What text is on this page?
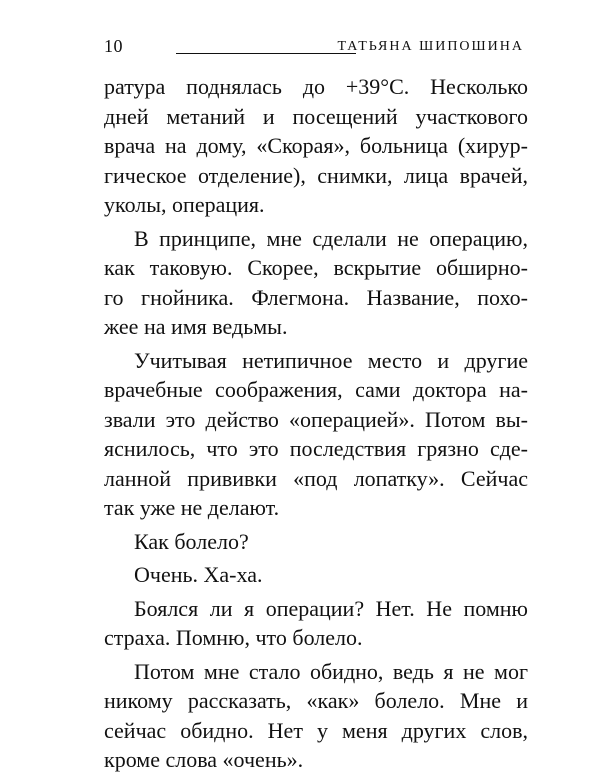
10	ТАТЬЯНА ШИПОШИНА
ратура поднялась до +39°С. Несколько
дней метаний и посещений участкового
врача на дому, «Скорая», больница (хирур-
гическое отделение), снимки, лица врачей,
уколы, операция.
В принципе, мне сделали не операцию,
как таковую. Скорее, вскрытие обширно-
го гнойника. Флегмона. Название, похо-
жее на имя ведьмы.
Учитывая нетипичное место и другие
врачебные соображения, сами доктора на-
звали это действо «операцией». Потом вы-
яснилось, что это последствия грязно сде-
ланной прививки «под лопатку». Сейчас
так уже не делают.
Как болело?
Очень. Ха-ха.
Боялся ли я операции? Нет. Не помню
страха. Помню, что болело.
Потом мне стало обидно, ведь я не мог
никому рассказать, «как» болело. Мне и
сейчас обидно. Нет у меня других слов,
кроме слова «очень».
